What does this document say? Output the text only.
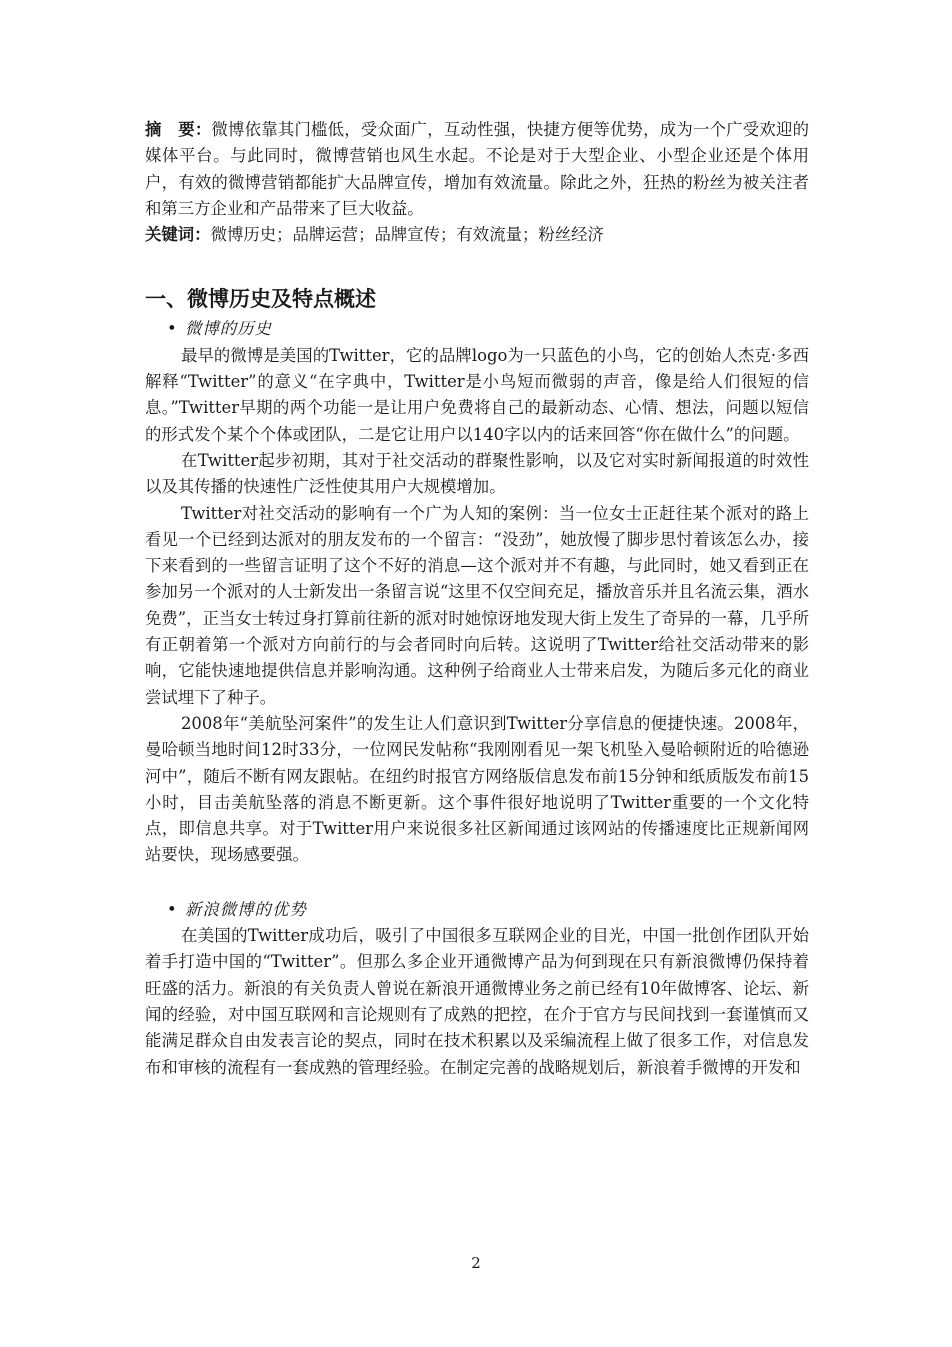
摘　要：微博依靠其门槛低，受众面广，互动性强，快捷方便等优势，成为一个广受欢迎的媒体平台。与此同时，微博营销也风生水起。不论是对于大型企业、小型企业还是个体用户，有效的微博营销都能扩大品牌宣传，增加有效流量。除此之外，狂热的粉丝为被关注者和第三方企业和产品带来了巨大收益。

关键词：微博历史；品牌运营；品牌宣传；有效流量；粉丝经济

一、微博历史及特点概述
• 微博的历史

最早的微博是美国的Twitter，它的品牌logo为一只蓝色的小鸟，它的创始人杰克·多西解释“Twitter”的意义“在字典中，Twitter是小鸟短而微弱的声音，像是给人们很短的信息。”Twitter早期的两个功能一是让用户免费将自己的最新动态、心情、想法，问题以短信的形式发个某个个体或团队，二是它让用户以140字以内的话来回答“你在做什么”的问题。

在Twitter起步初期，其对于社交活动的群聚性影响，以及它对实时新闻报道的时效性以及其传播的快速性广泛性使其用户大规模增加。

Twitter对社交活动的影响有一个广为人知的案例：当一位女士正赶往某个派对的路上看见一个已经到达派对的朋友发布的一个留言：“没劲”，她放慢了脚步思忖着该怎么办，接下来看到的一些留言证明了这个不好的消息—这个派对并不有趣，与此同时，她又看到正在参加另一个派对的人士新发出一条留言说“这里不仅空间充足，播放音乐并且名流云集，酒水免费”，正当女士转过身打算前往新的派对时她惊讶地发现大街上发生了奇异的一幕，几乎所有正朝着第一个派对方向前行的与会者同时向后转。这说明了Twitter给社交活动带来的影响，它能快速地提供信息并影响沟通。这种例子给商业人士带来启发，为随后多元化的商业尝试埋下了种子。

2008年“美航坠河案件”的发生让人们意识到Twitter分享信息的便捷快速。2008年，曼哈顿当地时间12时33分，一位网民发帖称“我刚刚看见一架飞机坠入曼哈顿附近的哈德逊河中”，随后不断有网友跟帖。在纽约时报官方网络版信息发布前15分钟和纸质版发布前15小时，目击美航坠落的消息不断更新。这个事件很好地说明了Twitter重要的一个文化特点，即信息共享。对于Twitter用户来说很多社区新闻通过该网站的传播速度比正规新闻网站要快，现场感要强。

• 新浪微博的优势

在美国的Twitter成功后，吸引了中国很多互联网企业的目光，中国一批创作团队开始着手打造中国的“Twitter”。但那么多企业开通微博产品为何到现在只有新浪微博仍保持着旺盛的活力。新浪的有关负责人曾说在新浪开通微博业务之前已经有10年做博客、论坛、新闻的经验，对中国互联网和言论规则有了成熟的把控，在介于官方与民间找到一套谨慎而又能满足群众自由发表言论的契点，同时在技术积累以及采编流程上做了很多工作，对信息发布和审核的流程有一套成熟的管理经验。在制定完善的战略规划后，新浪着手微博的开发和

2
